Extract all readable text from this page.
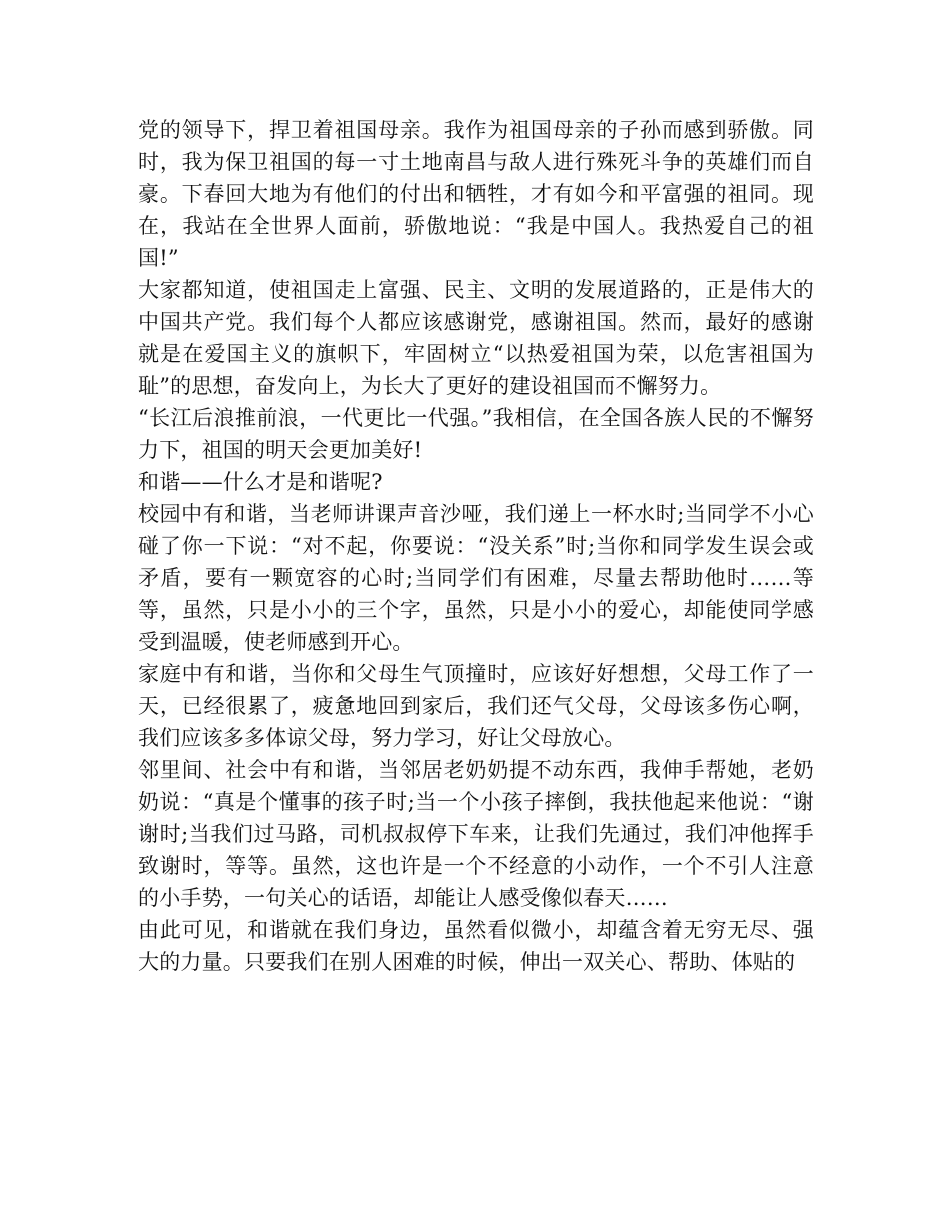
党的领导下，捍卫着祖国母亲。我作为祖国母亲的子孙而感到骄傲。同时，我为保卫祖国的每一寸土地南昌与敌人进行殊死斗争的英雄们而自豪。下春回大地为有他们的付出和牺牲，才有如今和平富强的祖同。现在，我站在全世界人面前，骄傲地说：“我是中国人。我热爱自己的祖国!”

大家都知道，使祖国走上富强、民主、文明的发展道路的，正是伟大的中国共产党。我们每个人都应该感谢党，感谢祖国。然而，最好的感谢就是在爱国主义的旗帜下，牢固树立“以热爱祖国为荣，以危害祖国为耻”的思想，奋发向上，为长大了更好的建设祖国而不懈努力。

“长江后浪推前浪，一代更比一代强。”我相信，在全国各族人民的不懈努力下，祖国的明天会更加美好!

和谐——什么才是和谐呢?

校园中有和谐，当老师讲课声音沙哑，我们递上一杯水时;当同学不小心碰了你一下说：“对不起，你要说：“没关系”时;当你和同学发生误会或矛盾，要有一颗宽容的心时;当同学们有困难，尽量去帮助他时……等等，虽然，只是小小的三个字，虽然，只是小小的爱心，却能使同学感受到温暖，使老师感到开心。

家庭中有和谐，当你和父母生气顶撞时，应该好好想想，父母工作了一天，已经很累了，疲惫地回到家后，我们还气父母，父母该多伤心啊，我们应该多多体谅父母，努力学习，好让父母放心。

邻里间、社会中有和谐，当邻居老奶奶提不动东西，我伸手帮她，老奶奶说：“真是个懂事的孩子时;当一个小孩子摔倒，我扶他起来他说：“谢谢时;当我们过马路，司机叔叔停下车来，让我们先通过，我们冲他挥手致谢时，等等。虽然，这也许是一个不经意的小动作，一个不引人注意的小手势，一句关心的话语，却能让人感受像似春天……

由此可见，和谐就在我们身边，虽然看似微小，却蕴含着无穷无尽、强大的力量。只要我们在别人困难的时候，伸出一双关心、帮助、体贴的
